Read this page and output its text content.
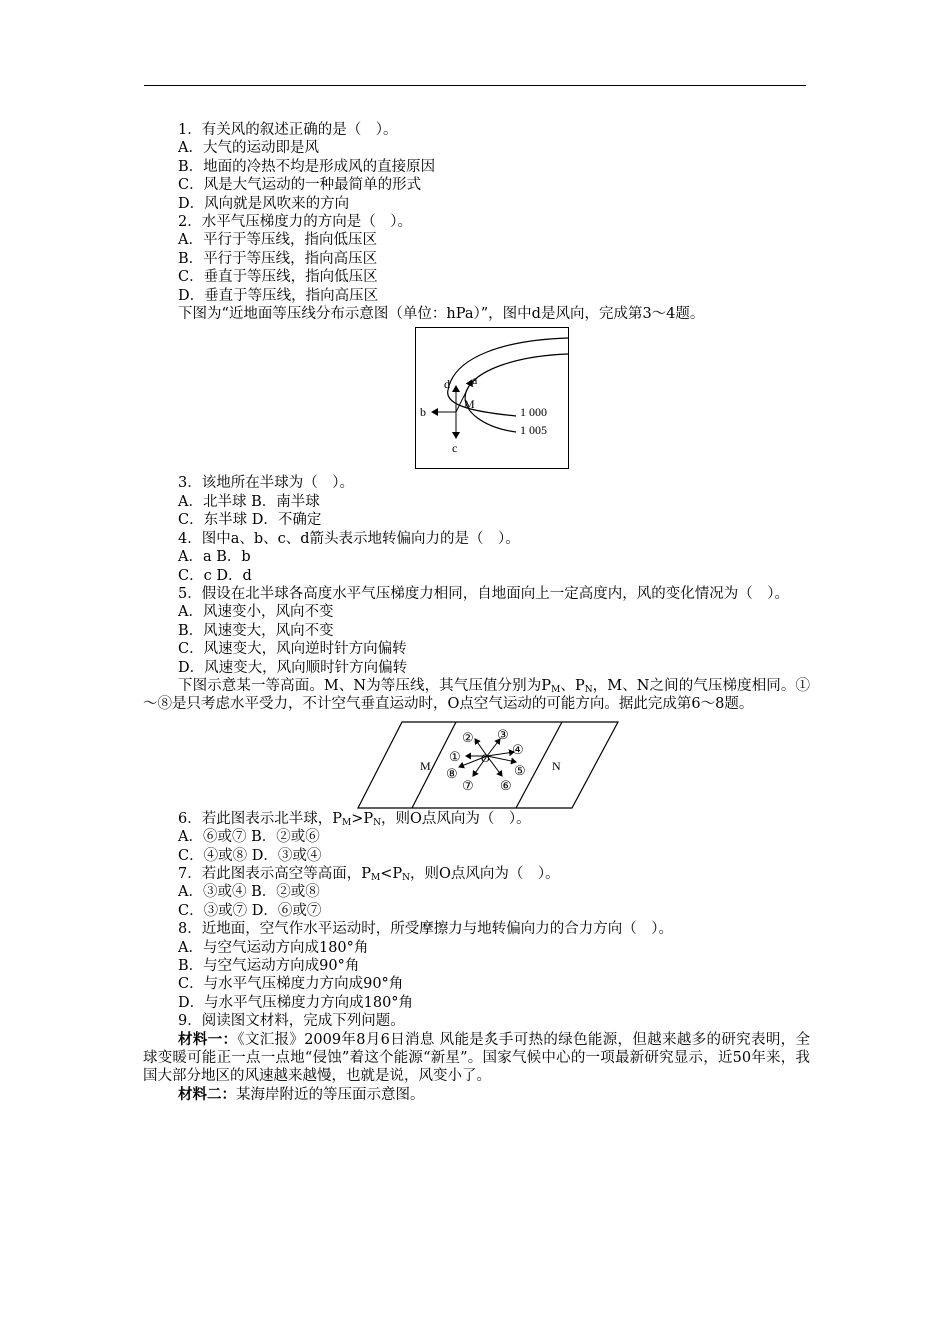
1．有关风的叙述正确的是（　）。
A．大气的运动即是风
B．地面的冷热不均是形成风的直接原因
C．风是大气运动的一种最简单的形式
D．风向就是风吹来的方向
2．水平气压梯度力的方向是（　）。
A．平行于等压线，指向低压区
B．平行于等压线，指向高压区
C．垂直于等压线，指向低压区
D．垂直于等压线，指向高压区
下图为“近地面等压线分布示意图（单位：hPa）”，图中d是风向，完成第3～4题。
a
b
c
d
M
1 000
1 005
3．该地所在半球为（　）。
A．北半球 B．南半球
C．东半球 D．不确定
4．图中a、b、c、d箭头表示地转偏向力的是（　）。
A．a B．b
C．c D．d
5．假设在北半球各高度水平气压梯度力相同，自地面向上一定高度内，风的变化情况为（　）。
A．风速变小，风向不变
B．风速变大，风向不变
C．风速变大，风向逆时针方向偏转
D．风速变大，风向顺时针方向偏转
下图示意某一等高面。M、N为等压线，其气压值分别为$P_M$、$P_N$，M、N之间的气压梯度相同。①～⑧是只考虑水平受力，不计空气垂直运动时，O点空气运动的可能方向。据此完成第6～8题。
M	N
①
② ③
④
⑤
⑥
⑦
⑧
6．若此图表示北半球，$P_M>P_N$，则O点风向为（　）。
A．⑥或⑦ B．②或⑥
C．④或⑧ D．③或④
7．若此图表示高空等高面，$P_M<P_N$，则O点风向为（　）。
A．③或④ B．②或⑧
C．③或⑦ D．⑥或⑦
8．近地面，空气作水平运动时，所受摩擦力与地转偏向力的合力方向（　）。
A．与空气运动方向成180°角
B．与空气运动方向成90°角
C．与水平气压梯度力方向成90°角
D．与水平气压梯度力方向成180°角
9．阅读图文材料，完成下列问题。
材料一：《文汇报》2009年8月6日消息 风能是炙手可热的绿色能源，但越来越多的研究表明，全球变暖可能正一点一点地“侵蚀”着这个能源“新星”。国家气候中心的一项最新研究显示，近50年来，我国大部分地区的风速越来越慢，也就是说，风变小了。
材料二：某海岸附近的等压面示意图。
